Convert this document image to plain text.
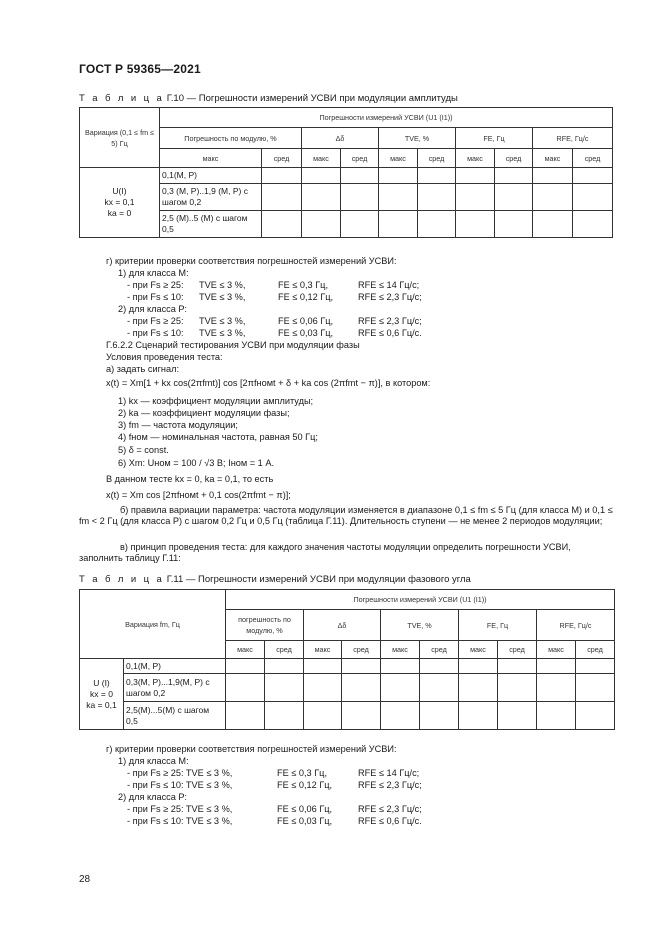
ГОСТ Р 59365—2021
Т а б л и ц а Г.10 — Погрешности измерений УСВИ при модуляции амплитуды
Вариация (0,1 ≤ fm ≤ 5) Гц	Погрешности измерений УСВИ (U1 (I1))										
	Погрешность по модулю, %		Δδ		TVE, %		FE, Гц		RFE, Гц/с		
	макс	сред	макс	сред	макс	сред	макс	сред	макс	сред	

U(I)
kx = 0,1
ka = 0	0,1(М, Р)										
	0,3 (М, Р)..1,9 (М, Р) с шагом 0,2										
	2,5 (М)..5 (М) с шагом 0,5										
г) критерии проверки соответствия погрешностей измерений УСВИ:
1) для класса М:
- при Fs ≥ 25: TVE ≤ 3 %,	FE ≤ 0,3 Гц,	RFE ≤ 14 Гц/с;
- при Fs ≤ 10: TVE ≤ 3 %,	FE ≤ 0,12 Гц,	RFE ≤ 2,3 Гц/с;
2) для класса Р:
- при Fs ≥ 25: TVE ≤ 3 %,	FE ≤ 0,06 Гц,	RFE ≤ 2,3 Гц/с;
- при Fs ≤ 10: TVE ≤ 3 %,	FE ≤ 0,03 Гц,	RFE ≤ 0,6 Гц/с.
Г.6.2.2 Сценарий тестирования УСВИ при модуляции фазы
Условия проведения теста:
а) задать сигнал:
x(t) = Xm[1 + kx cos(2πfmt)] cos [2πfномt + δ + ka cos (2πfmt − π)], в котором:
1) kx — коэффициент модуляции амплитуды;
2) ka — коэффициент модуляции фазы;
3) fm — частота модуляции;
4) fном — номинальная частота, равная 50 Гц;
5) δ = const.
6) Xm: Uном = 100 / √3 В; Iном = 1 А.
В данном тесте kx = 0, ka = 0,1, то есть
x(t) = Xm cos [2πfномt + 0,1 cos(2πfmt − π)];
б) правила вариации параметра: частота модуляции изменяется в диапазоне 0,1 ≤ fm ≤ 5 Гц (для класса М) и 0,1 ≤ fm < 2 Гц (для класса Р) с шагом 0,2 Гц и 0,5 Гц (таблица Г.11). Длительность ступени — не менее 2 периодов модуляции;
в) принцип проведения теста: для каждого значения частоты модуляции определить погрешности УСВИ, заполнить таблицу Г.11:
Т а б л и ц а Г.11 — Погрешности измерений УСВИ при модуляции фазового угла
Вариация fm, Гц		Погрешности измерений УСВИ (U1 (I1))									
		погрешность по модулю, %		Δδ		TVE, %		FE, Гц		RFE, Гц/с	
		макс	сред	макс	сред	макс	сред	макс	сред	макс	сред

U (I)
kx = 0
ka = 0,1	0,1(М, Р)										
	0,3(М, Р)...1,9(М, Р) с шагом 0,2										
	2,5(М)...5(М) с шагом 0,5										
г) критерии проверки соответствия погрешностей измерений УСВИ:
1) для класса М:
- при Fs ≥ 25: TVE ≤ 3 %,	FE ≤ 0,3 Гц,	RFE ≤ 14 Гц/с;
- при Fs ≤ 10: TVE ≤ 3 %,	FE ≤ 0,12 Гц,	RFE ≤ 2,3 Гц/с;
2) для класса Р:
- при Fs ≥ 25: TVE ≤ 3 %,	FE ≤ 0,06 Гц,	RFE ≤ 2,3 Гц/с;
- при Fs ≤ 10: TVE ≤ 3 %,	FE ≤ 0,03 Гц,	RFE ≤ 0,6 Гц/с.
28
